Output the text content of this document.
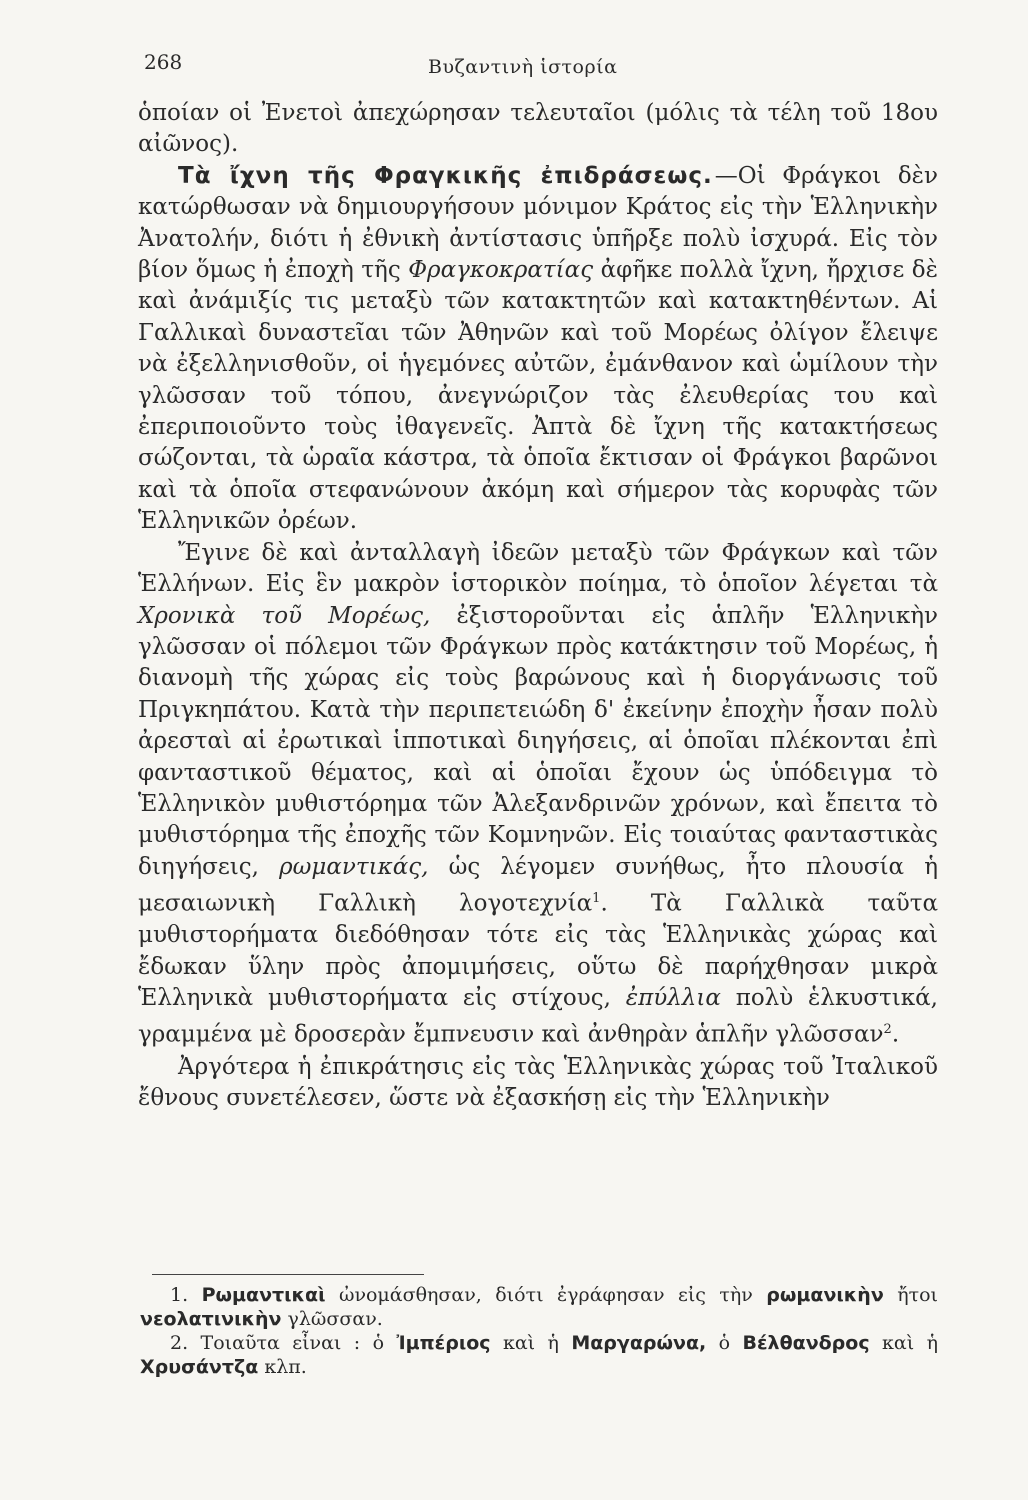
268	Βυζαντινὴ ἱστορία

ὁποίαν οἱ Ἐνετοὶ ἀπεχώρησαν τελευταῖοι (μόλις τὰ τέλη τοῦ 18ου αἰῶνος).

Τὰ ἴχνη τῆς Φραγκικῆς ἐπιδράσεως.—Οἱ Φράγκοι δὲν κατώρθωσαν νὰ δημιουργήσουν μόνιμον Κράτος εἰς τὴν Ἑλληνικὴν Ἀνατολήν, διότι ἡ ἐθνικὴ ἀντίστασις ὑπῆρξε πολὺ ἰσχυρά. Εἰς τὸν βίον ὅμως ἡ ἐποχὴ τῆς Φραγκοκρατίας ἀφῆκε πολλὰ ἴχνη, ἤρχισε δὲ καὶ ἀνάμιξίς τις μεταξὺ τῶν κατακτητῶν καὶ κατακτηθέντων. Αἱ Γαλλικαὶ δυναστεῖαι τῶν Ἀθηνῶν καὶ τοῦ Μορέως ὀλίγον ἔλειψε νὰ ἐξελληνισθοῦν, οἱ ἡγεμόνες αὐτῶν, ἐμάνθανον καὶ ὡμίλουν τὴν γλῶσσαν τοῦ τόπου, ἀνεγνώριζον τὰς ἐλευθερίας του καὶ ἐπεριποιοῦντο τοὺς ἰθαγενεῖς. Ἀπτὰ δὲ ἴχνη τῆς κατακτήσεως σώζονται, τὰ ὡραῖα κάστρα, τὰ ὁποῖα ἔκτισαν οἱ Φράγκοι βαρῶνοι καὶ τὰ ὁποῖα στεφανώνουν ἀκόμη καὶ σήμερον τὰς κορυφὰς τῶν Ἑλληνικῶν ὀρέων.

Ἔγινε δὲ καὶ ἀνταλλαγὴ ἰδεῶν μεταξὺ τῶν Φράγκων καὶ τῶν Ἑλλήνων. Εἰς ἓν μακρὸν ἱστορικὸν ποίημα, τὸ ὁποῖον λέγεται τὰ Χρονικὰ τοῦ Μορέως, ἐξιστοροῦνται εἰς ἁπλῆν Ἑλληνικὴν γλῶσσαν οἱ πόλεμοι τῶν Φράγκων πρὸς κατάκτησιν τοῦ Μορέως, ἡ διανομὴ τῆς χώρας εἰς τοὺς βαρώνους καὶ ἡ διοργάνωσις τοῦ Πριγκηπάτου. Κατὰ τὴν περιπετειώδη δ' ἐκείνην ἐποχὴν ἦσαν πολὺ ἀρεσταὶ αἱ ἐρωτικαὶ ἱπποτικαὶ διηγήσεις, αἱ ὁποῖαι πλέκονται ἐπὶ φανταστικοῦ θέματος, καὶ αἱ ὁποῖαι ἔχουν ὡς ὑπόδειγμα τὸ Ἑλληνικὸν μυθιστόρημα τῶν Ἀλεξανδρινῶν χρόνων, καὶ ἔπειτα τὸ μυθιστόρημα τῆς ἐποχῆς τῶν Κομνηνῶν. Εἰς τοιαύτας φανταστικὰς διηγήσεις, ρωμαντικάς, ὡς λέγομεν συνήθως, ἦτο πλουσία ἡ μεσαιωνικὴ Γαλλικὴ λογοτεχνία$^1$. Τὰ Γαλλικὰ ταῦτα μυθιστορήματα διεδόθησαν τότε εἰς τὰς Ἑλληνικὰς χώρας καὶ ἔδωκαν ὕλην πρὸς ἀπομιμήσεις, οὕτω δὲ παρήχθησαν μικρὰ Ἑλληνικὰ μυθιστορήματα εἰς στίχους, ἐπύλλια πολὺ ἑλκυστικά, γραμμένα μὲ δροσερὰν ἔμπνευσιν καὶ ἀνθηρὰν ἁπλῆν γλῶσσαν$^2$.

Ἀργότερα ἡ ἐπικράτησις εἰς τὰς Ἑλληνικὰς χώρας τοῦ Ἰταλικοῦ ἔθνους συνετέλεσεν, ὥστε νὰ ἐξασκήσῃ εἰς τὴν Ἑλληνικὴν

1. Ρωμαντικαὶ ὠνομάσθησαν, διότι ἐγράφησαν εἰς τὴν ρωμανικὴν ἤτοι νεολατινικὴν γλῶσσαν.

2. Τοιαῦτα εἶναι : ὁ Ἰμπέριος καὶ ἡ Μαργαρώνα, ὁ Βέλθανδρος καὶ ἡ Χρυσάντζα κλπ.
